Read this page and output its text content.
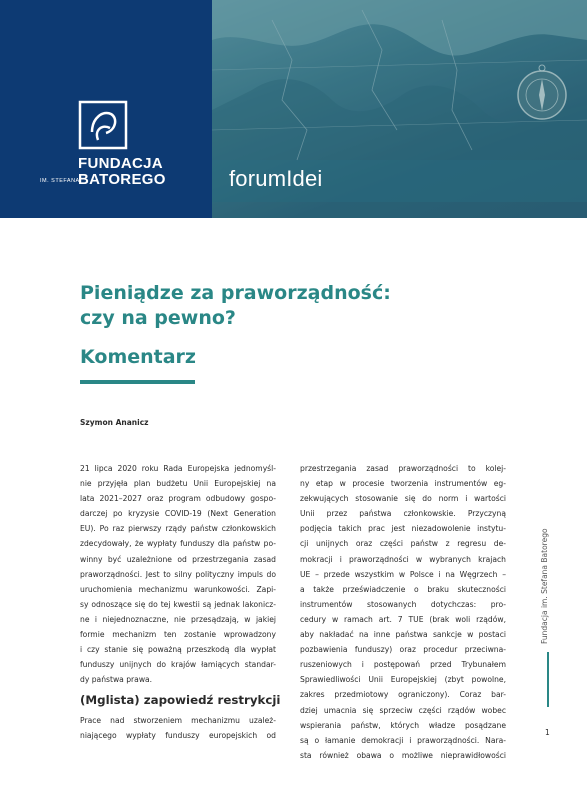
FUNDACJA
IM. STEFANA
BATOREGO	forumIdei
Pieniądze za praworządność:
czy na pewno?
Komentarz
Szymon Ananicz
21 lipca 2020 roku Rada Europejska jednomyśl-
nie przyjęła plan budżetu Unii Europejskiej na
lata 2021–2027 oraz program odbudowy gospo-
darczej po kryzysie COVID-19 (Next Generation
EU). Po raz pierwszy rządy państw członkowskich
zdecydowały, że wypłaty funduszy dla państw po-
winny być uzależnione od przestrzegania zasad
praworządności. Jest to silny polityczny impuls do
uruchomienia mechanizmu warunkowości. Zapi-
sy odnoszące się do tej kwestii są jednak lakonicz-
ne i niejednoznaczne, nie przesądzają, w jakiej
formie mechanizm ten zostanie wprowadzony
i czy stanie się poważną przeszkodą dla wypłat
funduszy unijnych do krajów łamiących standar-
dy państwa prawa.
(Mglista) zapowiedź restrykcji
Prace nad stworzeniem mechanizmu uzależ-
niającego wypłaty funduszy europejskich od
przestrzegania zasad praworządności to kolej-
ny etap w procesie tworzenia instrumentów eg-
zekwujących stosowanie się do norm i wartości
Unii przez państwa członkowskie. Przyczyną
podjęcia takich prac jest niezadowolenie instytu-
cji unijnych oraz części państw z regresu de-
mokracji i praworządności w wybranych krajach
UE – przede wszystkim w Polsce i na Węgrzech –
a także przeświadczenie o braku skuteczności
instrumentów stosowanych dotychczas: pro-
cedury w ramach art. 7 TUE (brak woli rządów,
aby nakładać na inne państwa sankcje w postaci
pozbawienia funduszy) oraz procedur przeciwna-
ruszeniowych i postępowań przed Trybunałem
Sprawiedliwości Unii Europejskiej (zbyt powolne,
zakres przedmiotowy ograniczony). Coraz bar-
dziej umacnia się sprzeciw części rządów wobec
wspierania państw, których władze posądzane
są o łamanie demokracji i praworządności. Nara-
sta również obawa o możliwe nieprawidłowości
Fundacja im. Stefana Batorego
1
